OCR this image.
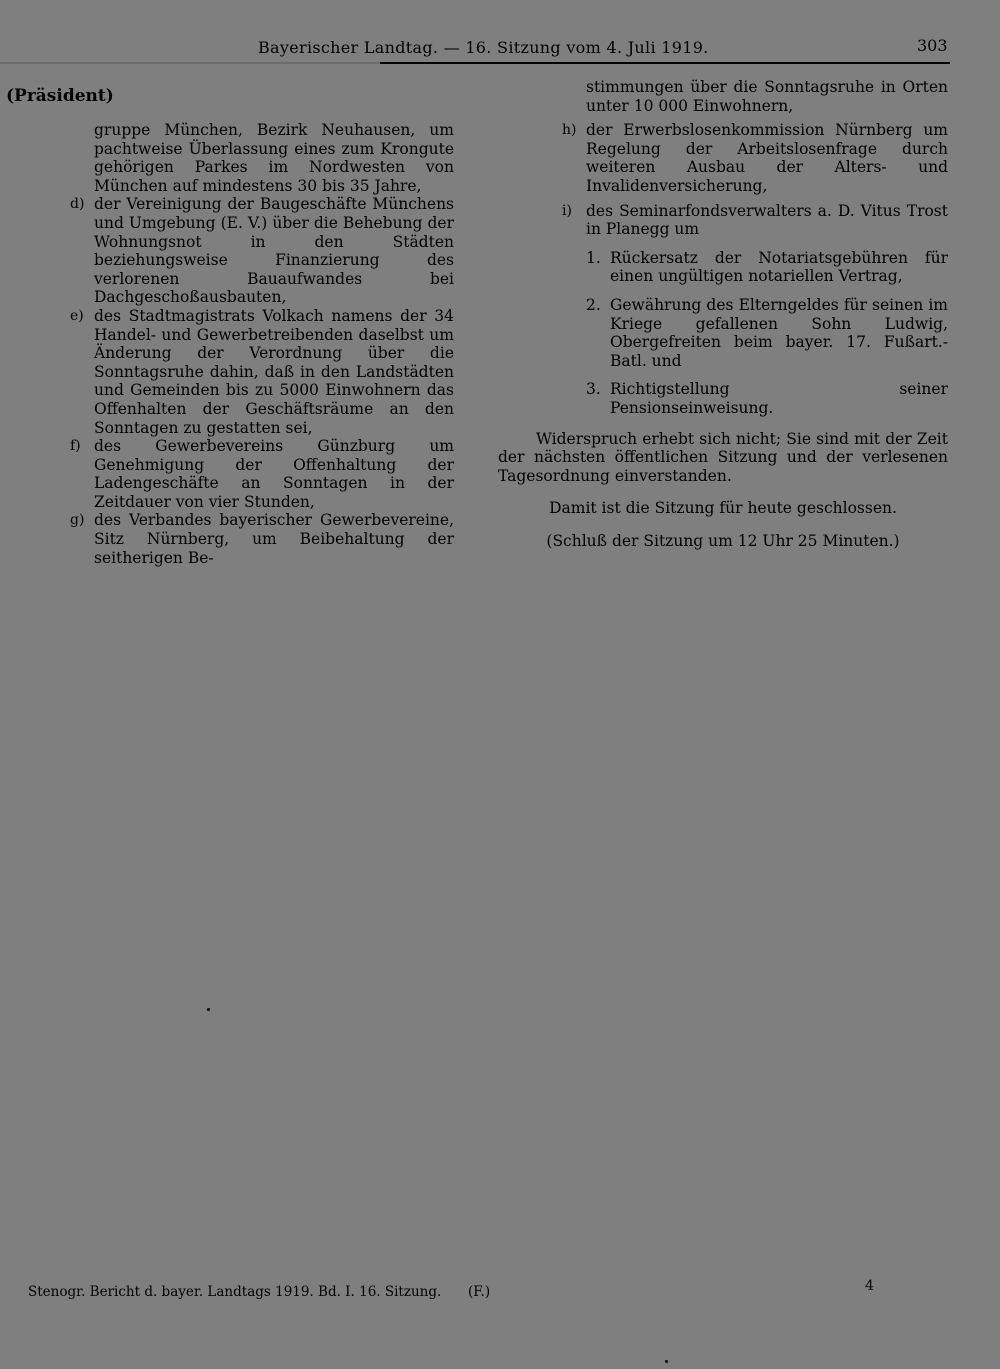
Bayerischer Landtag. — 16. Sitzung vom 4. Juli 1919.	303
(Präsident)

gruppe München, Bezirk Neuhausen, um pachtweise Überlassung eines zum Krongute gehörigen Parkes im Nordwesten von München auf mindestens 30 bis 35 Jahre,

d) der Vereinigung der Baugeschäfte Münchens und Umgebung (E. V.) über die Behebung der Wohnungsnot in den Städten beziehungsweise Finanzierung des verlorenen Bauaufwandes bei Dachgeschoßausbauten,

e) des Stadtmagistrats Volkach namens der 34 Handel- und Gewerbetreibenden daselbst um Änderung der Verordnung über die Sonntagsruhe dahin, daß in den Landstädten und Gemeinden bis zu 5000 Einwohnern das Offenhalten der Geschäftsräume an den Sonntagen zu gestatten sei,

f) des Gewerbevereins Günzburg um Genehmigung der Offenhaltung der Ladengeschäfte an Sonntagen in der Zeitdauer von vier Stunden,

g) des Verbandes bayerischer Gewerbevereine, Sitz Nürnberg, um Beibehaltung der seitherigen Be-

stimmungen über die Sonntagsruhe in Orten unter 10 000 Einwohnern,

h) der Erwerbslosenkommission Nürnberg um Regelung der Arbeitslosenfrage durch weiteren Ausbau der Alters- und Invalidenversicherung,

i) des Seminarfondsverwalters a. D. Vitus Trost in Planegg um

1. Rückersatz der Notariatsgebühren für einen ungültigen notariellen Vertrag,

2. Gewährung des Elterngeldes für seinen im Kriege gefallenen Sohn Ludwig, Obergefreiten beim bayer. 17. Fußart.-Batl. und

3. Richtigstellung seiner Pensionseinweisung.

Widerspruch erhebt sich nicht; Sie sind mit der Zeit der nächsten öffentlichen Sitzung und der verlesenen Tagesordnung einverstanden.

Damit ist die Sitzung für heute geschlossen.

(Schluß der Sitzung um 12 Uhr 25 Minuten.)

Stenogr. Bericht d. bayer. Landtags 1919. Bd. I. 16. Sitzung. (F.)	4
